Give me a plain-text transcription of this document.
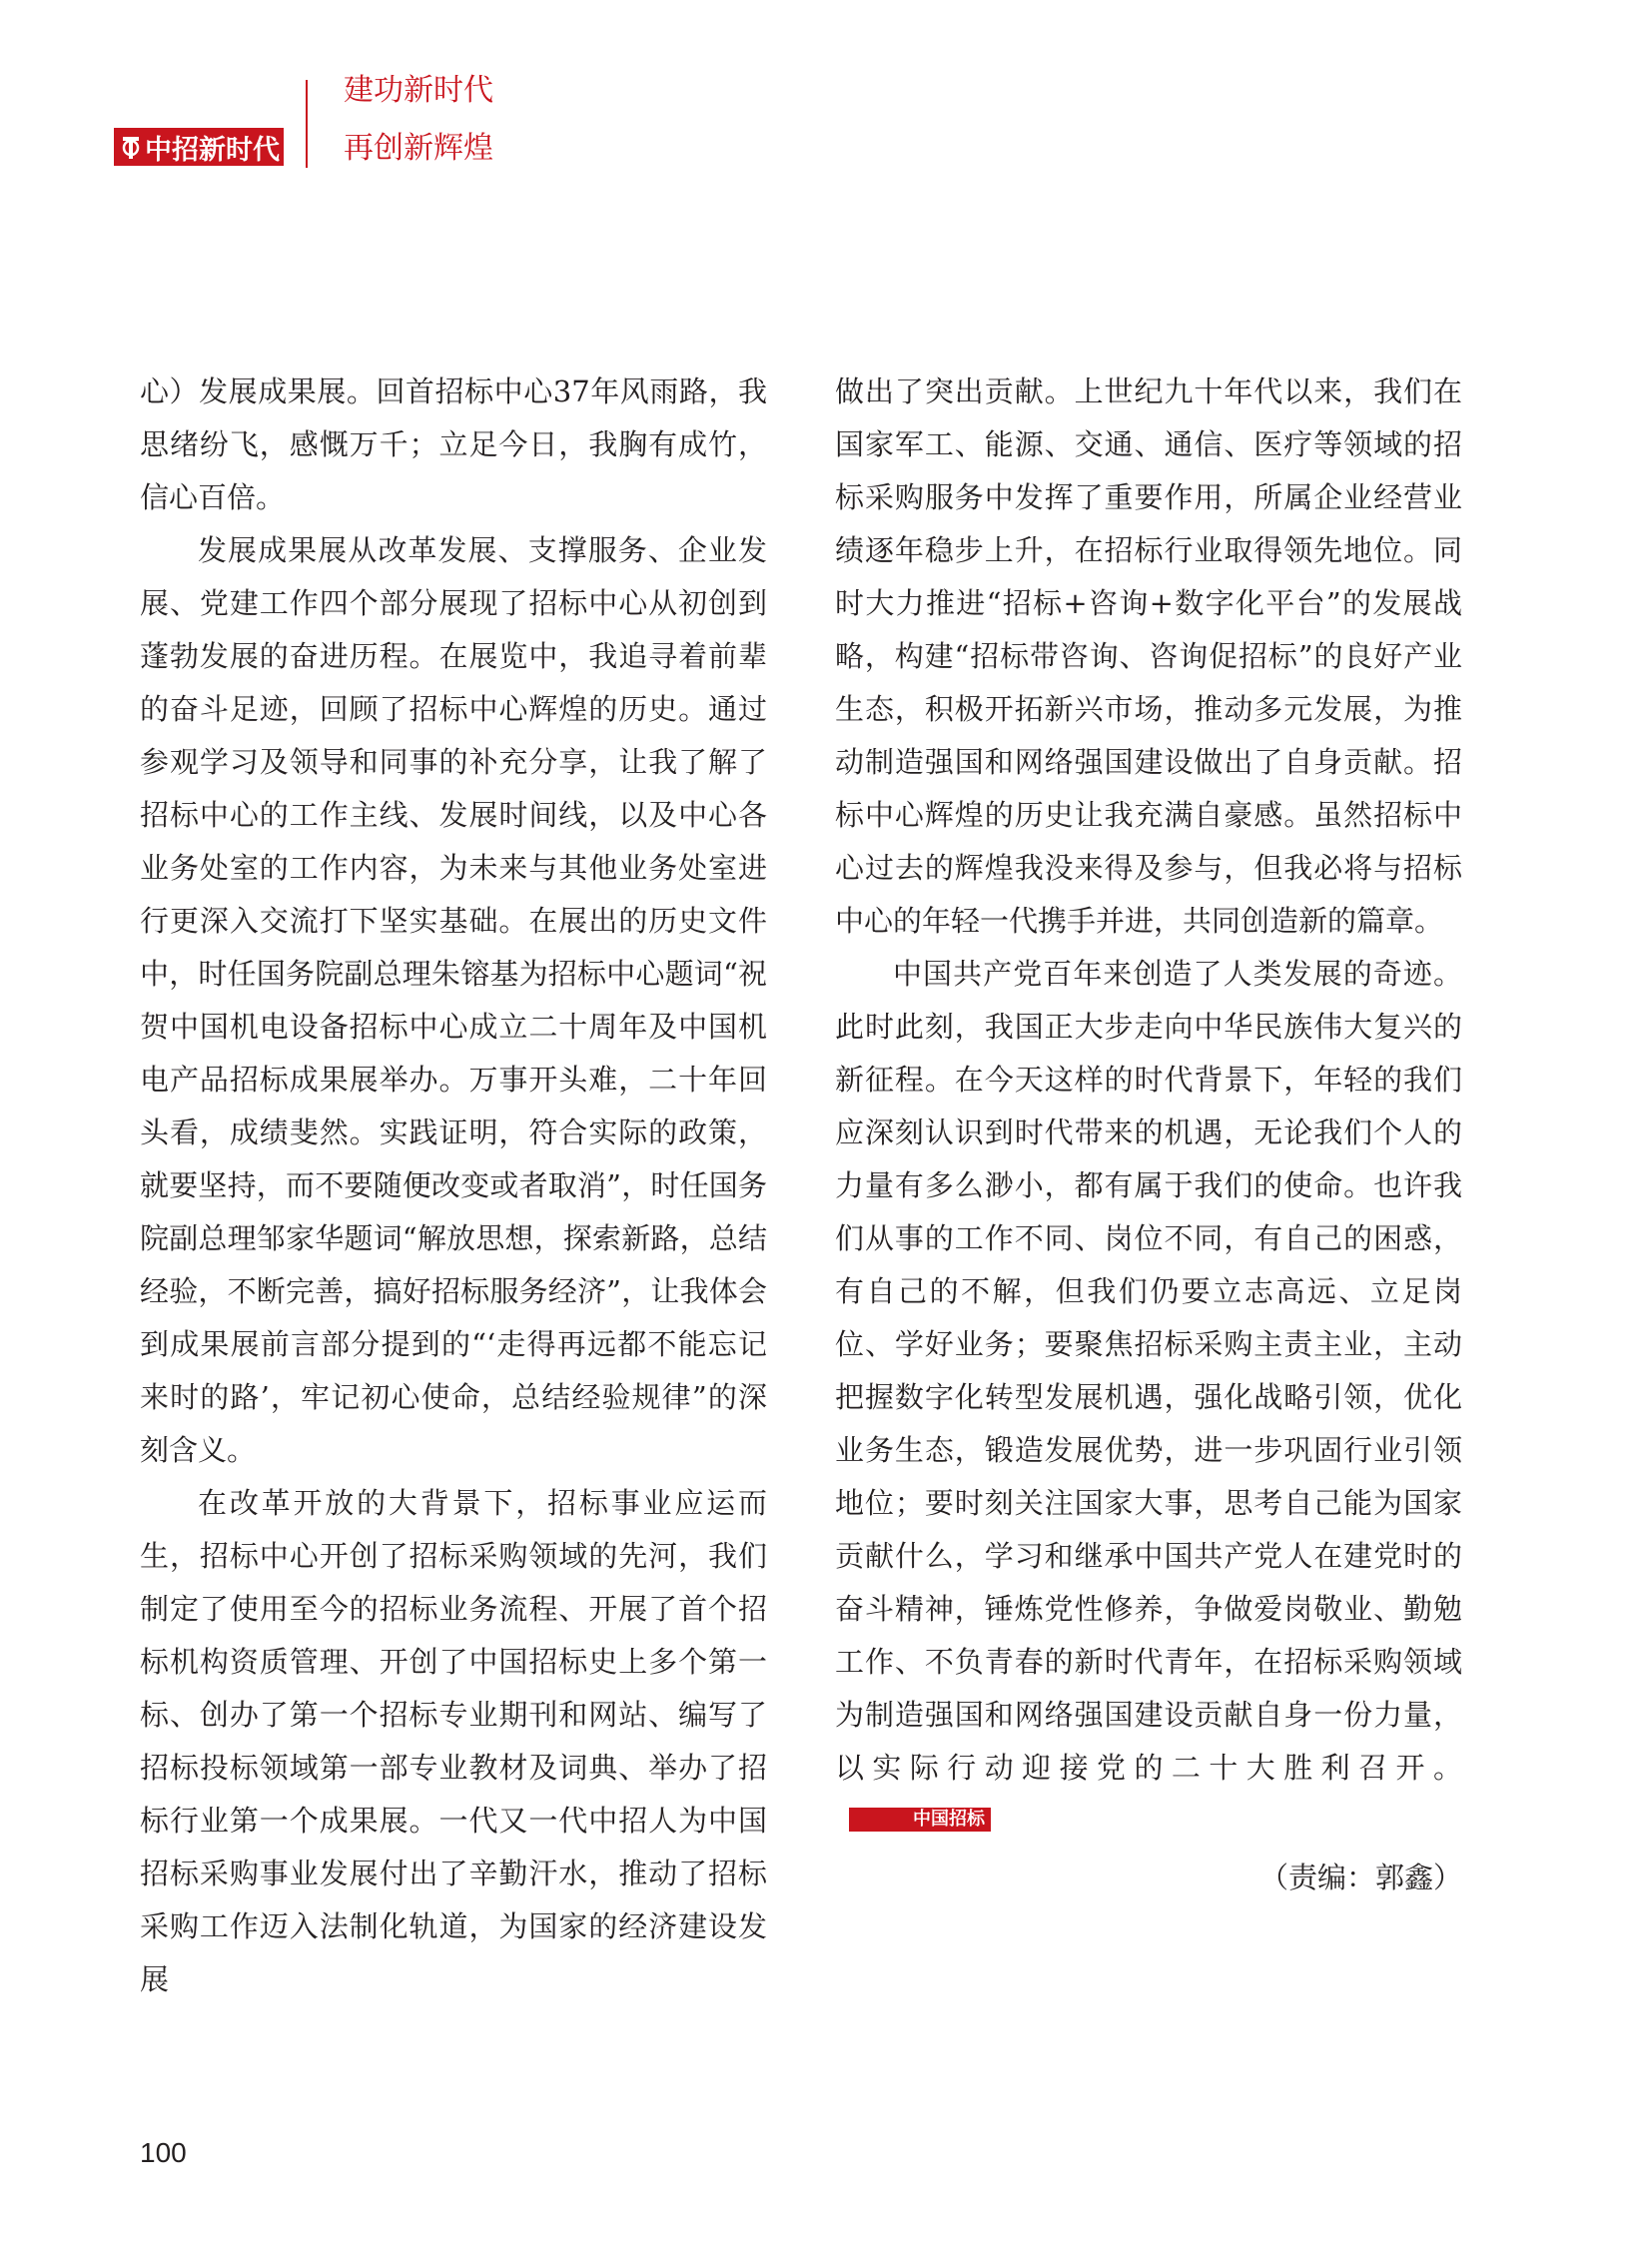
中招新时代
建功新时代
再创新辉煌

心）发展成果展。回首招标中心37年风雨路，我思绪纷飞，感慨万千；立足今日，我胸有成竹，信心百倍。

发展成果展从改革发展、支撑服务、企业发展、党建工作四个部分展现了招标中心从初创到蓬勃发展的奋进历程。在展览中，我追寻着前辈的奋斗足迹，回顾了招标中心辉煌的历史。通过参观学习及领导和同事的补充分享，让我了解了招标中心的工作主线、发展时间线，以及中心各业务处室的工作内容，为未来与其他业务处室进行更深入交流打下坚实基础。在展出的历史文件中，时任国务院副总理朱镕基为招标中心题词“祝贺中国机电设备招标中心成立二十周年及中国机电产品招标成果展举办。万事开头难，二十年回头看，成绩斐然。实践证明，符合实际的政策，就要坚持，而不要随便改变或者取消”，时任国务院副总理邹家华题词“解放思想，探索新路，总结经验，不断完善，搞好招标服务经济”，让我体会到成果展前言部分提到的“‘走得再远都不能忘记来时的路’，牢记初心使命，总结经验规律”的深刻含义。

在改革开放的大背景下，招标事业应运而生，招标中心开创了招标采购领域的先河，我们制定了使用至今的招标业务流程、开展了首个招标机构资质管理、开创了中国招标史上多个第一标、创办了第一个招标专业期刊和网站、编写了招标投标领域第一部专业教材及词典、举办了招标行业第一个成果展。一代又一代中招人为中国招标采购事业发展付出了辛勤汗水，推动了招标采购工作迈入法制化轨道，为国家的经济建设发展

做出了突出贡献。上世纪九十年代以来，我们在国家军工、能源、交通、通信、医疗等领域的招标采购服务中发挥了重要作用，所属企业经营业绩逐年稳步上升，在招标行业取得领先地位。同时大力推进“招标+咨询+数字化平台”的发展战略，构建“招标带咨询、咨询促招标”的良好产业生态，积极开拓新兴市场，推动多元发展，为推动制造强国和网络强国建设做出了自身贡献。招标中心辉煌的历史让我充满自豪感。虽然招标中心过去的辉煌我没来得及参与，但我必将与招标中心的年轻一代携手并进，共同创造新的篇章。

中国共产党百年来创造了人类发展的奇迹。此时此刻，我国正大步走向中华民族伟大复兴的新征程。在今天这样的时代背景下，年轻的我们应深刻认识到时代带来的机遇，无论我们个人的力量有多么渺小，都有属于我们的使命。也许我们从事的工作不同、岗位不同，有自己的困惑，有自己的不解，但我们仍要立志高远、立足岗位、学好业务；要聚焦招标采购主责主业，主动把握数字化转型发展机遇，强化战略引领，优化业务生态，锻造发展优势，进一步巩固行业引领地位；要时刻关注国家大事，思考自己能为国家贡献什么，学习和继承中国共产党人在建党时的奋斗精神，锤炼党性修养，争做爱岗敬业、勤勉工作、不负青春的新时代青年，在招标采购领域为制造强国和网络强国建设贡献自身一份力量，以实际行动迎接党的二十大胜利召开。中国招标

（责编：郭鑫）

100
